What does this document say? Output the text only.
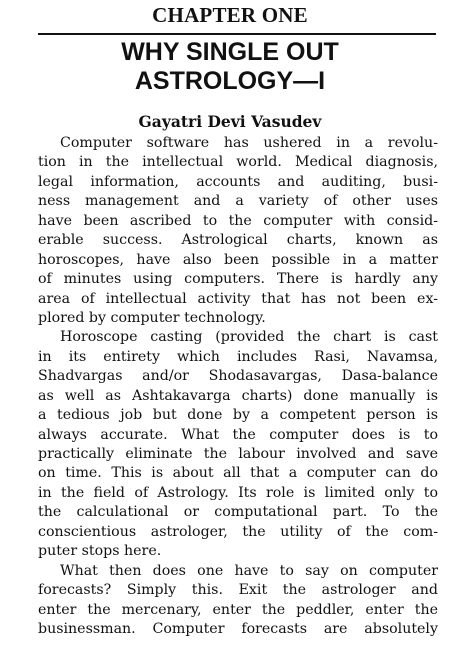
CHAPTER ONE
WHY SINGLE OUT
ASTROLOGY—I
Gayatri Devi Vasudev
Computer software has ushered in a revolu-
tion in the intellectual world. Medical diagnosis,
legal information, accounts and auditing, busi-
ness management and a variety of other uses
have been ascribed to the computer with consid-
erable success. Astrological charts, known as
horoscopes, have also been possible in a matter
of minutes using computers. There is hardly any
area of intellectual activity that has not been ex-
plored by computer technology.
Horoscope casting (provided the chart is cast
in its entirety which includes Rasi, Navamsa,
Shadvargas and/or Shodasavargas, Dasa-balance
as well as Ashtakavarga charts) done manually is
a tedious job but done by a competent person is
always accurate. What the computer does is to
practically eliminate the labour involved and save
on time. This is about all that a computer can do
in the field of Astrology. Its role is limited only to
the calculational or computational part. To the
conscientious astrologer, the utility of the com-
puter stops here.
What then does one have to say on computer
forecasts? Simply this. Exit the astrologer and
enter the mercenary, enter the peddler, enter the
businessman. Computer forecasts are absolutely
